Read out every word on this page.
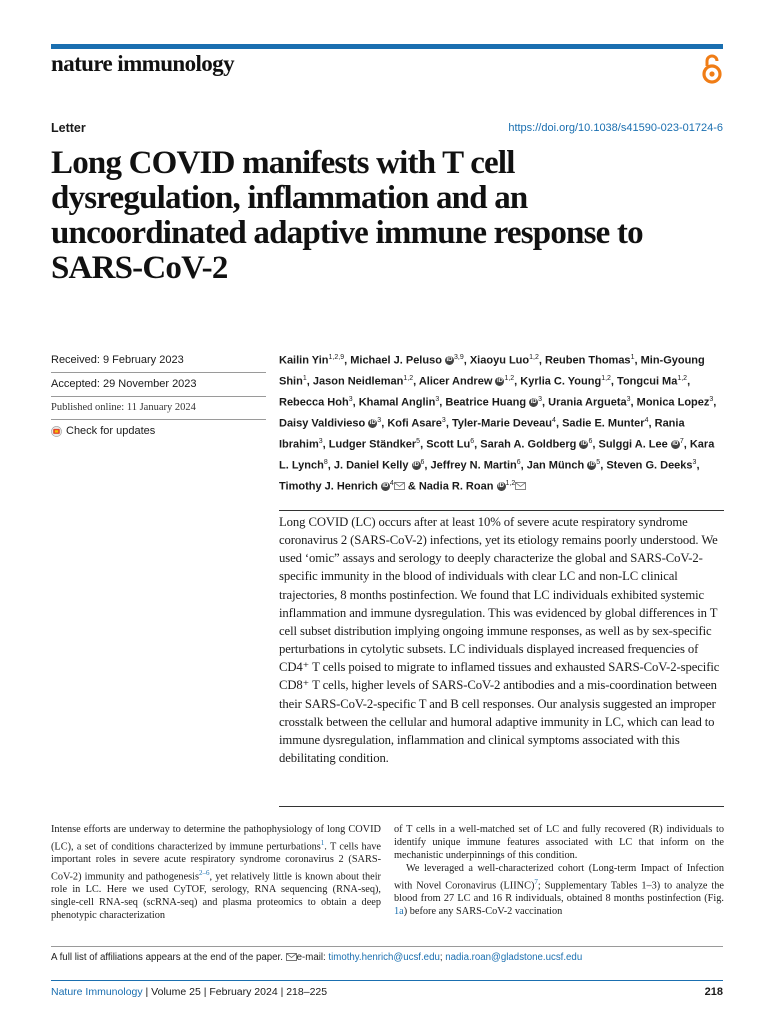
nature immunology
Letter	https://doi.org/10.1038/s41590-023-01724-6
Long COVID manifests with T cell dysregulation, inflammation and an uncoordinated adaptive immune response to SARS-CoV-2
Received: 9 February 2023
Accepted: 29 November 2023
Published online: 11 January 2024
Check for updates
Kailin Yin$^{1,2,9}$, Michael J. Peluso iD $^{3,9}$, Xiaoyu Luo$^{1,2}$, Reuben Thomas$^1$, Min-Gyoung Shin$^1$, Jason Neidleman$^{1,2}$, Alicer Andrew iD $^{1,2}$, Kyrlia C. Young$^{1,2}$, Tongcui Ma$^{1,2}$, Rebecca Hoh$^3$, Khamal Anglin$^3$, Beatrice Huang iD $^3$, Urania Argueta$^3$, Monica Lopez$^3$, Daisy Valdivieso iD $^3$, Kofi Asare$^3$, Tyler-Marie Deveau$^4$, Sadie E. Munter$^4$, Rania Ibrahim$^3$, Ludger Ständker$^5$, Scott Lu$^6$, Sarah A. Goldberg iD $^6$, Sulggi A. Lee iD $^7$, Kara L. Lynch$^8$, J. Daniel Kelly iD $^6$, Jeffrey N. Martin$^6$, Jan Münch iD $^5$, Steven G. Deeks$^3$, Timothy J. Henrich iD $^4$ & Nadia R. Roan iD $^{1,2}$

Long COVID (LC) occurs after at least 10% of severe acute respiratory syndrome coronavirus 2 (SARS-CoV-2) infections, yet its etiology remains poorly understood. We used ‘omic” assays and serology to deeply characterize the global and SARS-CoV-2-specific immunity in the blood of individuals with clear LC and non-LC clinical trajectories, 8 months postinfection. We found that LC individuals exhibited systemic inflammation and immune dysregulation. This was evidenced by global differences in T cell subset distribution implying ongoing immune responses, as well as by sex-specific perturbations in cytolytic subsets. LC individuals displayed increased frequencies of CD4⁺ T cells poised to migrate to inflamed tissues and exhausted SARS-CoV-2-specific CD8⁺ T cells, higher levels of SARS-CoV-2 antibodies and a mis-coordination between their SARS-CoV-2-specific T and B cell responses. Our analysis suggested an improper crosstalk between the cellular and humoral adaptive immunity in LC, which can lead to immune dysregulation, inflammation and clinical symptoms associated with this debilitating condition.

Intense efforts are underway to determine the pathophysiology of long COVID (LC), a set of conditions characterized by immune perturbations$^1$. T cells have important roles in severe acute respiratory syndrome coronavirus 2 (SARS-CoV-2) immunity and pathogenesis$^{2-6}$, yet relatively little is known about their role in LC. Here we used CyTOF, serology, RNA sequencing (RNA-seq), single-cell RNA-seq (scRNA-seq) and plasma proteomics to obtain a deep phenotypic characterization

of T cells in a well-matched set of LC and fully recovered (R) individuals to identify unique immune features associated with LC that inform on the mechanistic underpinnings of this condition.

We leveraged a well-characterized cohort (Long-term Impact of Infection with Novel Coronavirus (LIINC)$^7$; Supplementary Tables 1–3) to analyze the blood from 27 LC and 16 R individuals, obtained 8 months postinfection (Fig. 1a) before any SARS-CoV-2 vaccination

A full list of affiliations appears at the end of the paper. e-mail: timothy.henrich@ucsf.edu; nadia.roan@gladstone.ucsf.edu
Nature Immunology | Volume 25 | February 2024 | 218–225	218
